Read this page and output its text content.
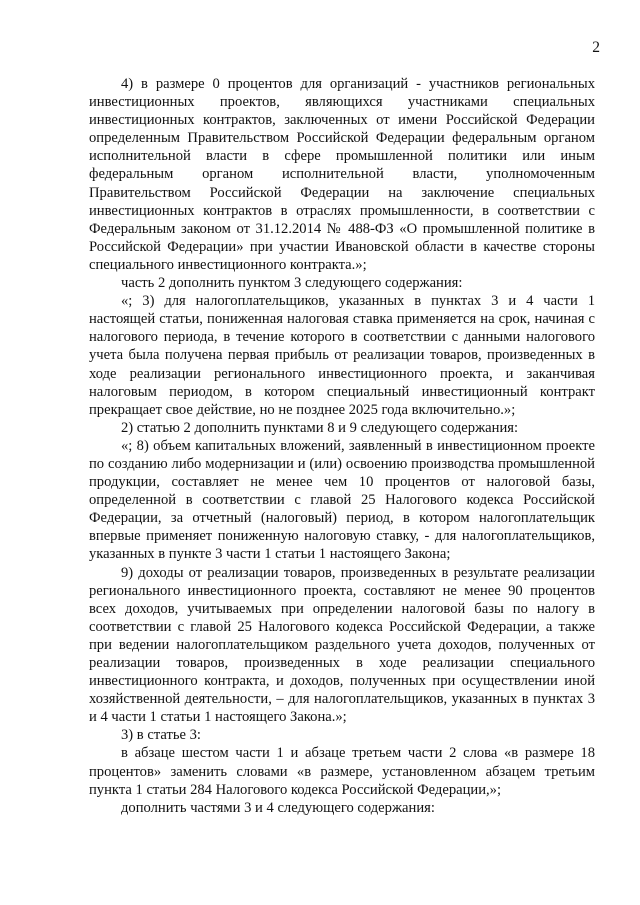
2

4) в размере 0 процентов для организаций - участников региональных инвестиционных проектов, являющихся участниками специальных инвестиционных контрактов, заключенных от имени Российской Федерации определенным Правительством Российской Федерации федеральным органом исполнительной власти в сфере промышленной политики или иным федеральным органом исполнительной власти, уполномоченным Правительством Российской Федерации на заключение специальных инвестиционных контрактов в отраслях промышленности, в соответствии с Федеральным законом от 31.12.2014 № 488-ФЗ «О промышленной политике в Российской Федерации» при участии Ивановской области в качестве стороны специального инвестиционного контракта.»;

часть 2 дополнить пунктом 3 следующего содержания:

«; 3) для налогоплательщиков, указанных в пунктах 3 и 4 части 1 настоящей статьи, пониженная налоговая ставка применяется на срок, начиная с налогового периода, в течение которого в соответствии с данными налогового учета была получена первая прибыль от реализации товаров, произведенных в ходе реализации регионального инвестиционного проекта, и заканчивая налоговым периодом, в котором специальный инвестиционный контракт прекращает свое действие, но не позднее 2025 года включительно.»;

2) статью 2 дополнить пунктами 8 и 9 следующего содержания:

«; 8) объем капитальных вложений, заявленный в инвестиционном проекте по созданию либо модернизации и (или) освоению производства промышленной продукции, составляет не менее чем 10 процентов от налоговой базы, определенной в соответствии с главой 25 Налогового кодекса Российской Федерации, за отчетный (налоговый) период, в котором налогоплательщик впервые применяет пониженную налоговую ставку, - для налогоплательщиков, указанных в пункте 3 части 1 статьи 1 настоящего Закона;

9) доходы от реализации товаров, произведенных в результате реализации регионального инвестиционного проекта, составляют не менее 90 процентов всех доходов, учитываемых при определении налоговой базы по налогу в соответствии с главой 25 Налогового кодекса Российской Федерации, а также при ведении налогоплательщиком раздельного учета доходов, полученных от реализации товаров, произведенных в ходе реализации специального инвестиционного контракта, и доходов, полученных при осуществлении иной хозяйственной деятельности, – для налогоплательщиков, указанных в пунктах 3 и 4 части 1 статьи 1 настоящего Закона.»;

3) в статье 3:

в абзаце шестом части 1 и абзаце третьем части 2 слова «в размере 18 процентов» заменить словами «в размере, установленном абзацем третьим пункта 1 статьи 284 Налогового кодекса Российской Федерации,»;

дополнить частями 3 и 4 следующего содержания:
